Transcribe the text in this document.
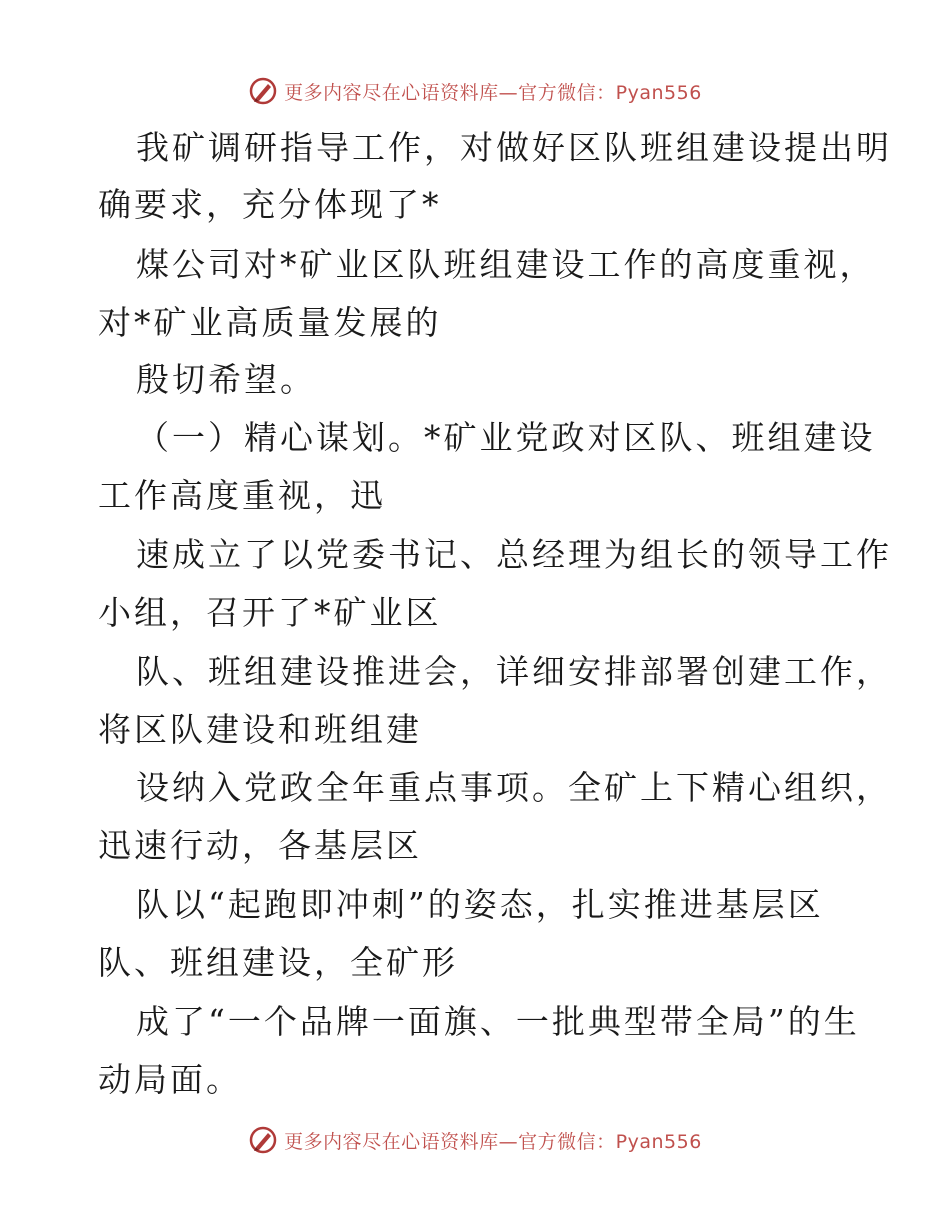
更多内容尽在心语资料库—官方微信：Pyan556
我矿调研指导工作，对做好区队班组建设提出明
确要求，充分体现了*
煤公司对*矿业区队班组建设工作的高度重视，
对*矿业高质量发展的
殷切希望。
（一）精心谋划。*矿业党政对区队、班组建设
工作高度重视，迅
速成立了以党委书记、总经理为组长的领导工作
小组，召开了*矿业区
队、班组建设推进会，详细安排部署创建工作，
将区队建设和班组建
设纳入党政全年重点事项。全矿上下精心组织，
迅速行动，各基层区
队以“起跑即冲刺”的姿态，扎实推进基层区
队、班组建设，全矿形
成了“一个品牌一面旗、一批典型带全局”的生
动局面。
更多内容尽在心语资料库—官方微信：Pyan556
